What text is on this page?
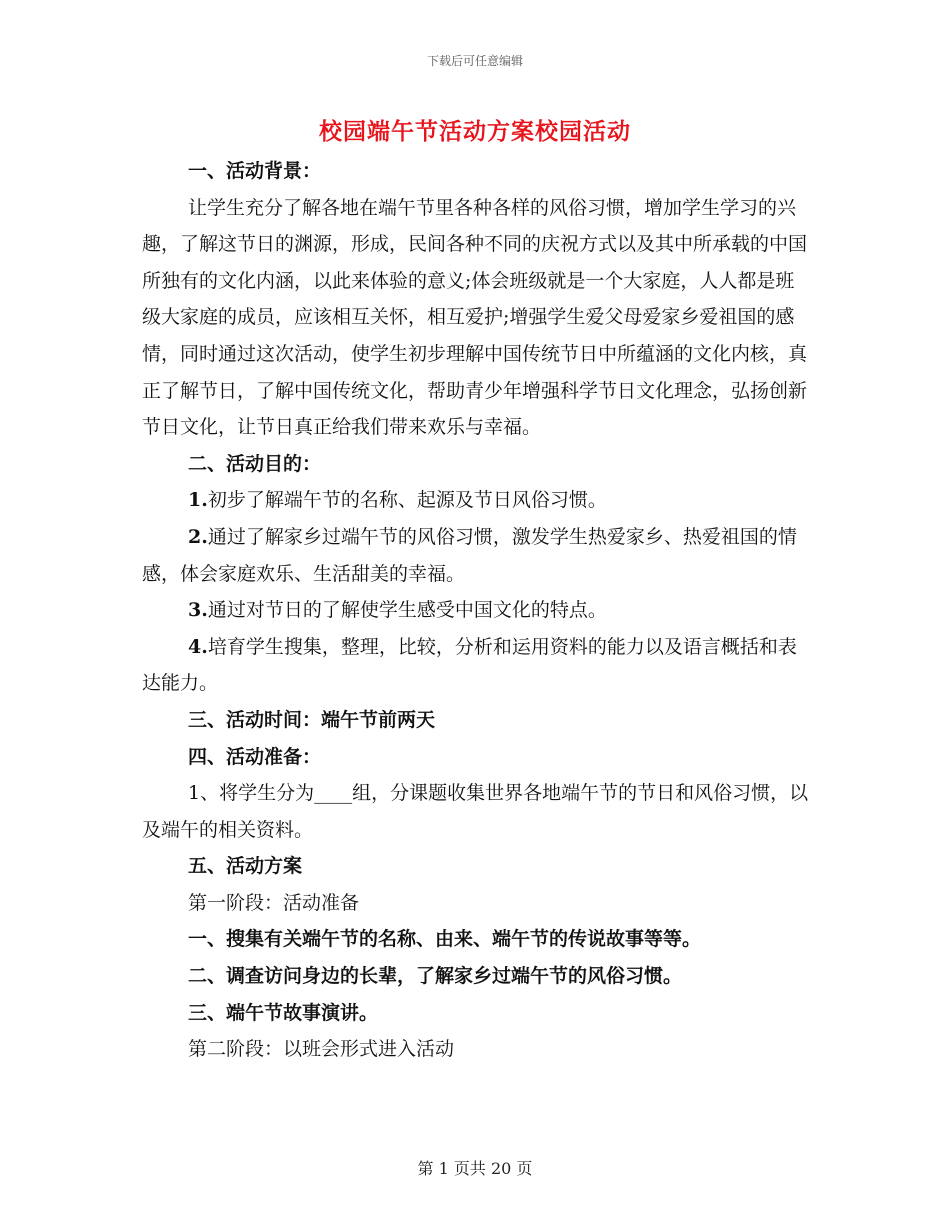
下载后可任意编辑
校园端午节活动方案校园活动

一、活动背景：

让学生充分了解各地在端午节里各种各样的风俗习惯，增加学生学习的兴趣，了解这节日的渊源，形成，民间各种不同的庆祝方式以及其中所承载的中国所独有的文化内涵，以此来体验的意义;体会班级就是一个大家庭，人人都是班级大家庭的成员，应该相互关怀，相互爱护;增强学生爱父母爱家乡爱祖国的感情，同时通过这次活动，使学生初步理解中国传统节日中所蕴涵的文化内核，真正了解节日，了解中国传统文化，帮助青少年增强科学节日文化理念，弘扬创新节日文化，让节日真正给我们带来欢乐与幸福。

二、活动目的：

1.初步了解端午节的名称、起源及节日风俗习惯。

2.通过了解家乡过端午节的风俗习惯，激发学生热爱家乡、热爱祖国的情感，体会家庭欢乐、生活甜美的幸福。

3.通过对节日的了解使学生感受中国文化的特点。

4.培育学生搜集，整理，比较，分析和运用资料的能力以及语言概括和表达能力。

三、活动时间：端午节前两天

四、活动准备：

1、将学生分为____组，分课题收集世界各地端午节的节日和风俗习惯，以及端午的相关资料。

五、活动方案

第一阶段：活动准备

一、搜集有关端午节的名称、由来、端午节的传说故事等等。

二、调查访问身边的长辈，了解家乡过端午节的风俗习惯。

三、端午节故事演讲。

第二阶段：以班会形式进入活动

第 1 页共 20 页
